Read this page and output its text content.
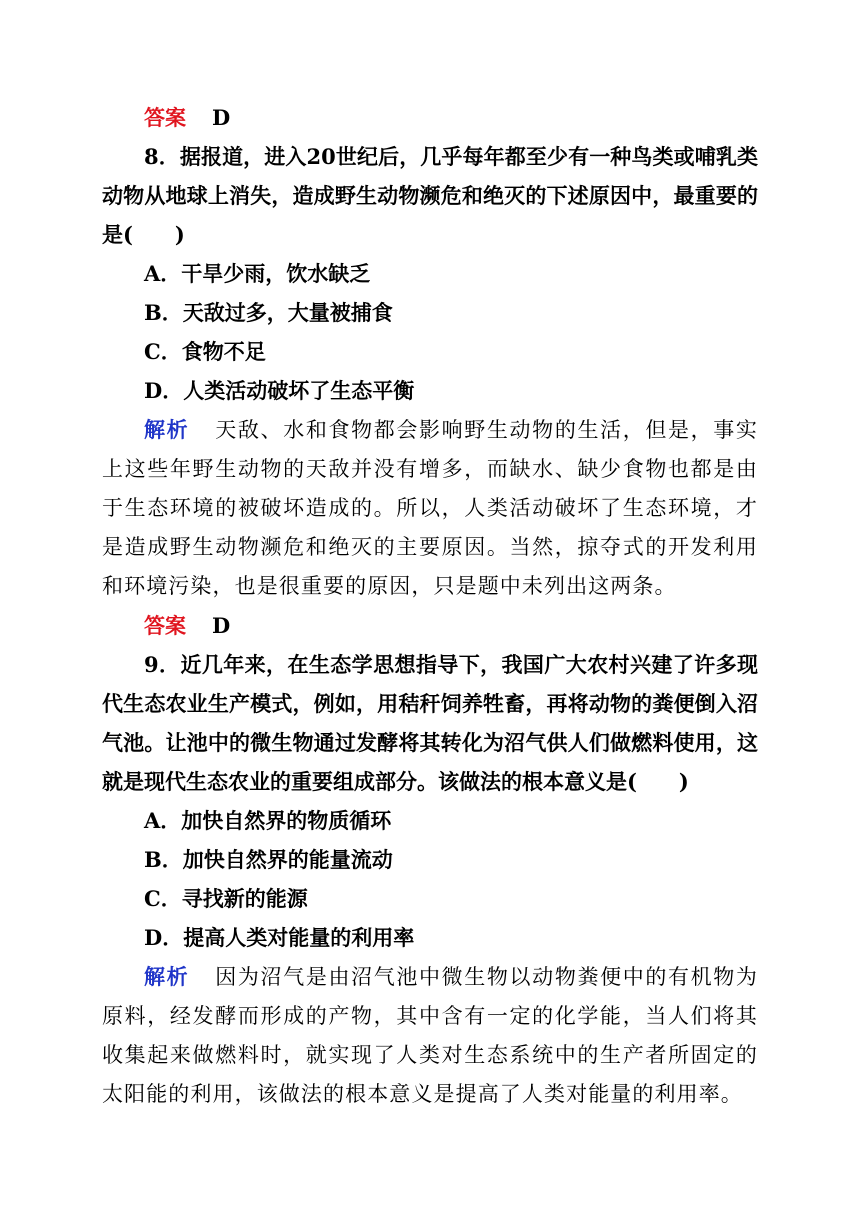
答案 D
8．据报道，进入20世纪后，几乎每年都至少有一种鸟类或哺乳类动物从地球上消失，造成野生动物濒危和绝灭的下述原因中，最重要的是(　　)
A．干旱少雨，饮水缺乏
B．天敌过多，大量被捕食
C．食物不足
D．人类活动破坏了生态平衡
解析 天敌、水和食物都会影响野生动物的生活，但是，事实上这些年野生动物的天敌并没有增多，而缺水、缺少食物也都是由于生态环境的被破坏造成的。所以，人类活动破坏了生态环境，才是造成野生动物濒危和绝灭的主要原因。当然，掠夺式的开发利用和环境污染，也是很重要的原因，只是题中未列出这两条。
答案 D
9．近几年来，在生态学思想指导下，我国广大农村兴建了许多现代生态农业生产模式，例如，用秸秆饲养牲畜，再将动物的粪便倒入沼气池。让池中的微生物通过发酵将其转化为沼气供人们做燃料使用，这就是现代生态农业的重要组成部分。该做法的根本意义是(　　)
A．加快自然界的物质循环
B．加快自然界的能量流动
C．寻找新的能源
D．提高人类对能量的利用率
解析 因为沼气是由沼气池中微生物以动物粪便中的有机物为原料，经发酵而形成的产物，其中含有一定的化学能，当人们将其收集起来做燃料时，就实现了人类对生态系统中的生产者所固定的太阳能的利用，该做法的根本意义是提高了人类对能量的利用率。
